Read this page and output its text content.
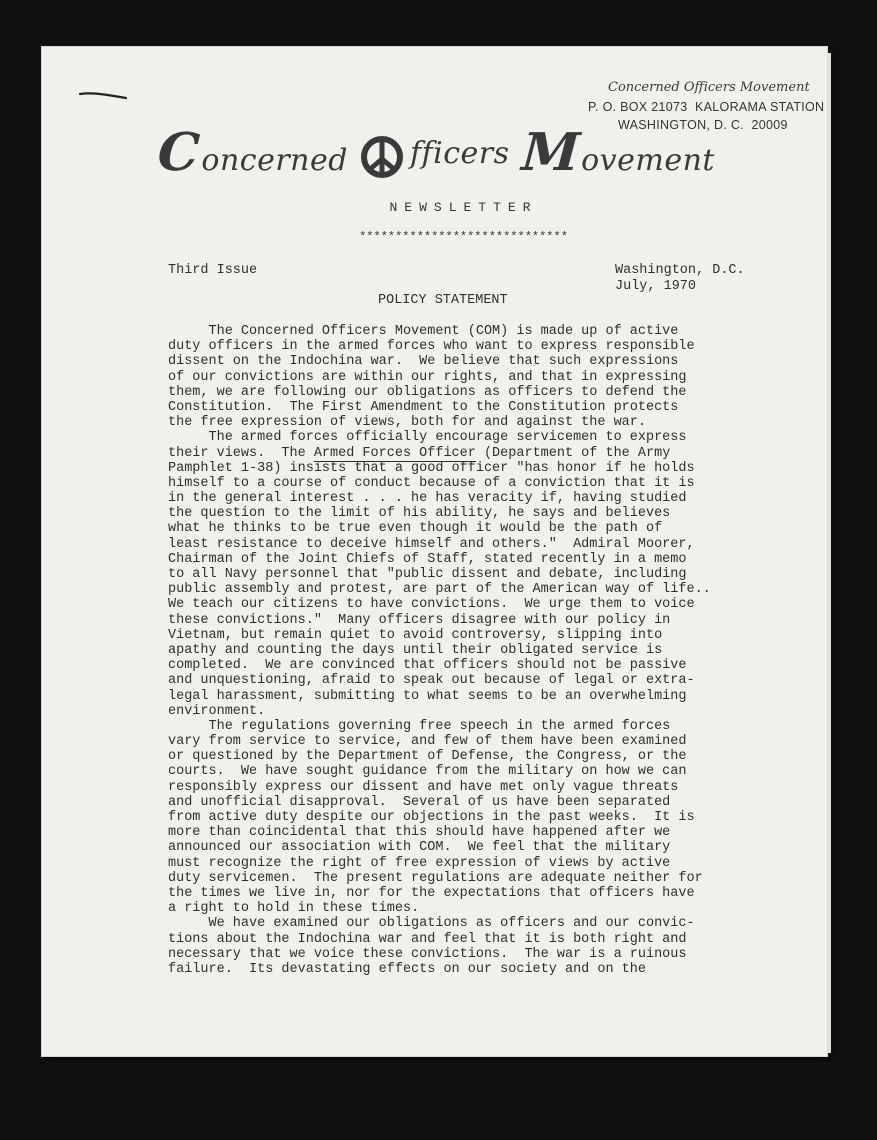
Concerned Officers Movement
P. O. BOX 21073  KALORAMA STATION
WASHINGTON, D. C.  20009
C oncerned fficers M ovement
NEWSLETTER
*****************************
Third Issue	Washington, D.C.
July, 1970
POLICY STATEMENT
The Concerned Officers Movement (COM) is made up of active
duty officers in the armed forces who want to express responsible
dissent on the Indochina war.  We believe that such expressions
of our convictions are within our rights, and that in expressing
them, we are following our obligations as officers to defend the
Constitution.  The First Amendment to the Constitution protects
the free expression of views, both for and against the war.
The armed forces officially encourage servicemen to express
their views.  The Armed Forces Officer (Department of the Army
Pamphlet 1-38) insists that a good officer "has honor if he holds
himself to a course of conduct because of a conviction that it is
in the general interest . . . he has veracity if, having studied
the question to the limit of his ability, he says and believes
what he thinks to be true even though it would be the path of
least resistance to deceive himself and others."  Admiral Moorer,
Chairman of the Joint Chiefs of Staff, stated recently in a memo
to all Navy personnel that "public dissent and debate, including
public assembly and protest, are part of the American way of life..
We teach our citizens to have convictions.  We urge them to voice
these convictions."  Many officers disagree with our policy in
Vietnam, but remain quiet to avoid controversy, slipping into
apathy and counting the days until their obligated service is
completed.  We are convinced that officers should not be passive
and unquestioning, afraid to speak out because of legal or extra-
legal harassment, submitting to what seems to be an overwhelming
environment.
The regulations governing free speech in the armed forces
vary from service to service, and few of them have been examined
or questioned by the Department of Defense, the Congress, or the
courts.  We have sought guidance from the military on how we can
responsibly express our dissent and have met only vague threats
and unofficial disapproval.  Several of us have been separated
from active duty despite our objections in the past weeks.  It is
more than coincidental that this should have happened after we
announced our association with COM.  We feel that the military
must recognize the right of free expression of views by active
duty servicemen.  The present regulations are adequate neither for
the times we live in, nor for the expectations that officers have
a right to hold in these times.
We have examined our obligations as officers and our convic-
tions about the Indochina war and feel that it is both right and
necessary that we voice these convictions.  The war is a ruinous
failure.  Its devastating effects on our society and on the
